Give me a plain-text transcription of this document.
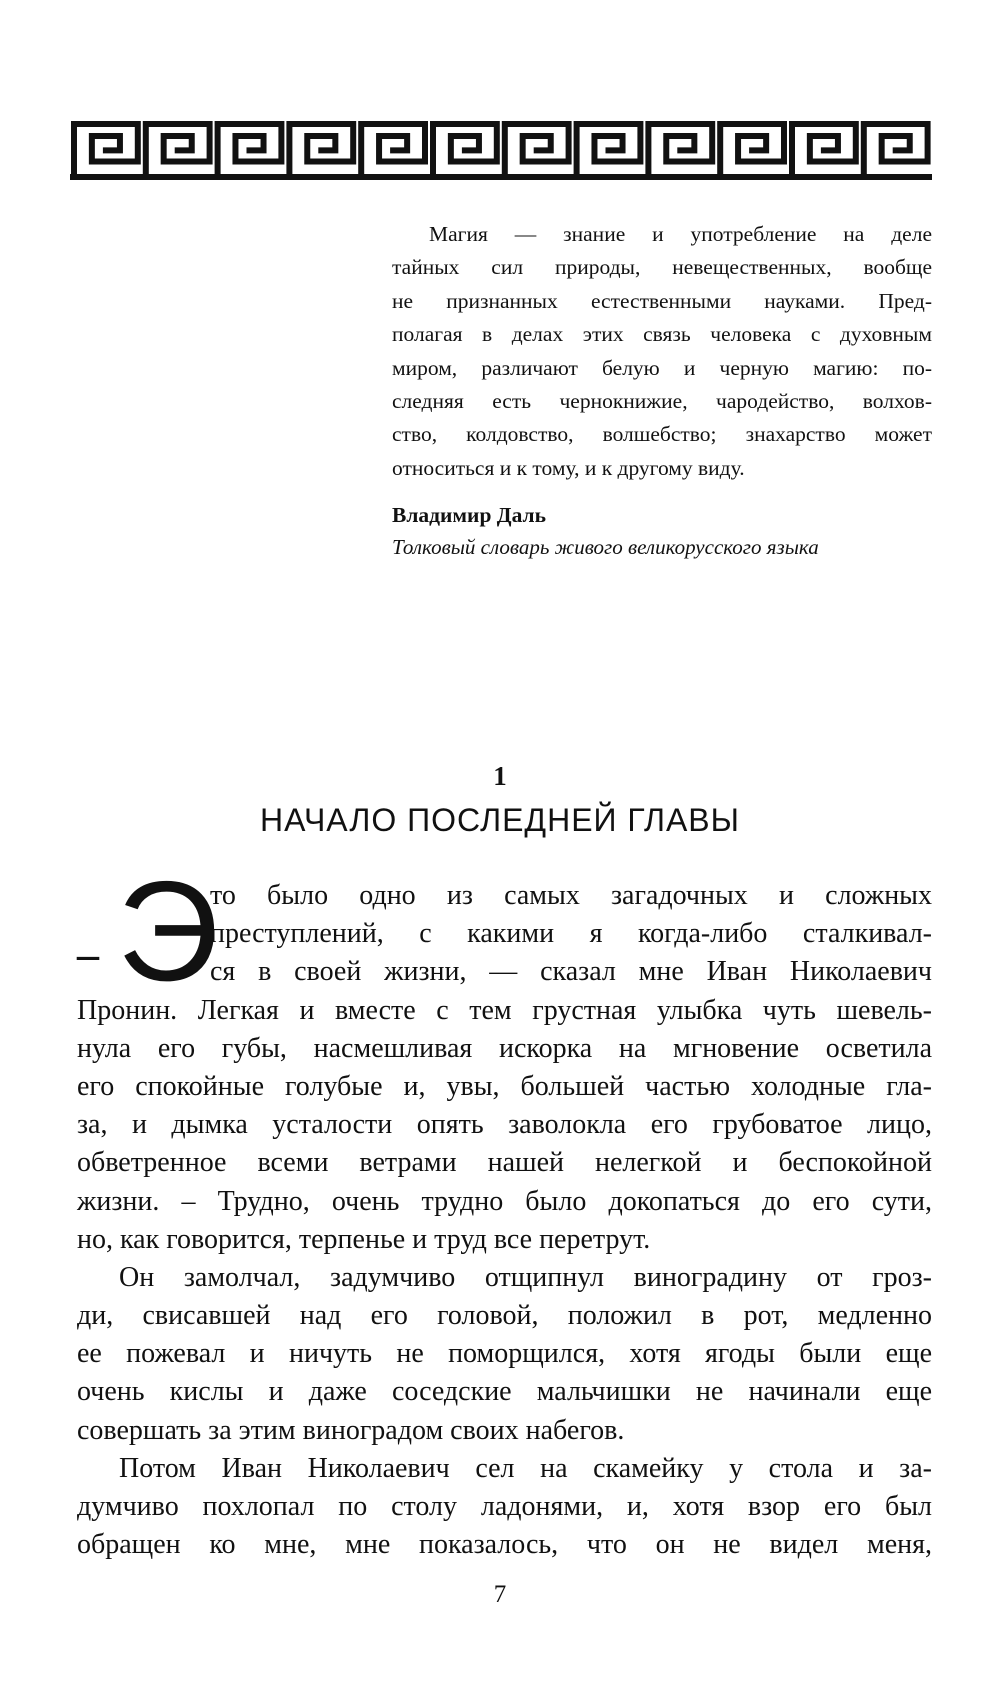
Магия — знание и употребление на деле
тайных сил природы, невещественных, вообще
не признанных естественными науками. Пред-
полагая в делах этих связь человека с духовным
миром, различают белую и черную магию: по-
следняя есть чернокнижие, чародейство, волхов-
ство, колдовство, волшебство; знахарство может
относиться и к тому, и к другому виду.

Владимир Даль

Толковый словарь живого великорусского языка

1
НАЧАЛО ПОСЛЕДНЕЙ ГЛАВЫ
– Э
то было одно из самых загадочных и сложных
преступлений, с какими я когда-либо сталкивал-
ся в своей жизни, — сказал мне Иван Николаевич
Пронин. Легкая и вместе с тем грустная улыбка чуть шевель-
нула его губы, насмешливая искорка на мгновение осветила
его спокойные голубые и, увы, большей частью холодные гла-
за, и дымка усталости опять заволокла его грубоватое лицо,
обветренное всеми ветрами нашей нелегкой и беспокойной
жизни. – Трудно, очень трудно было докопаться до его сути,
но, как говорится, терпенье и труд все перетрут.
Он замолчал, задумчиво отщипнул виноградину от грoз-
ди, свисавшей над его головой, положил в рот, медленно
ее пожевал и ничуть не поморщился, хотя ягоды были еще
очень кислы и даже соседские мальчишки не начинали еще
совершать за этим виноградом своих набегов.
Потом Иван Николаевич сел на скамейку у стола и за-
думчиво похлопал по столу ладонями, и, хотя взор его был
обращен ко мне, мне показалось, что он не видел меня,
7
